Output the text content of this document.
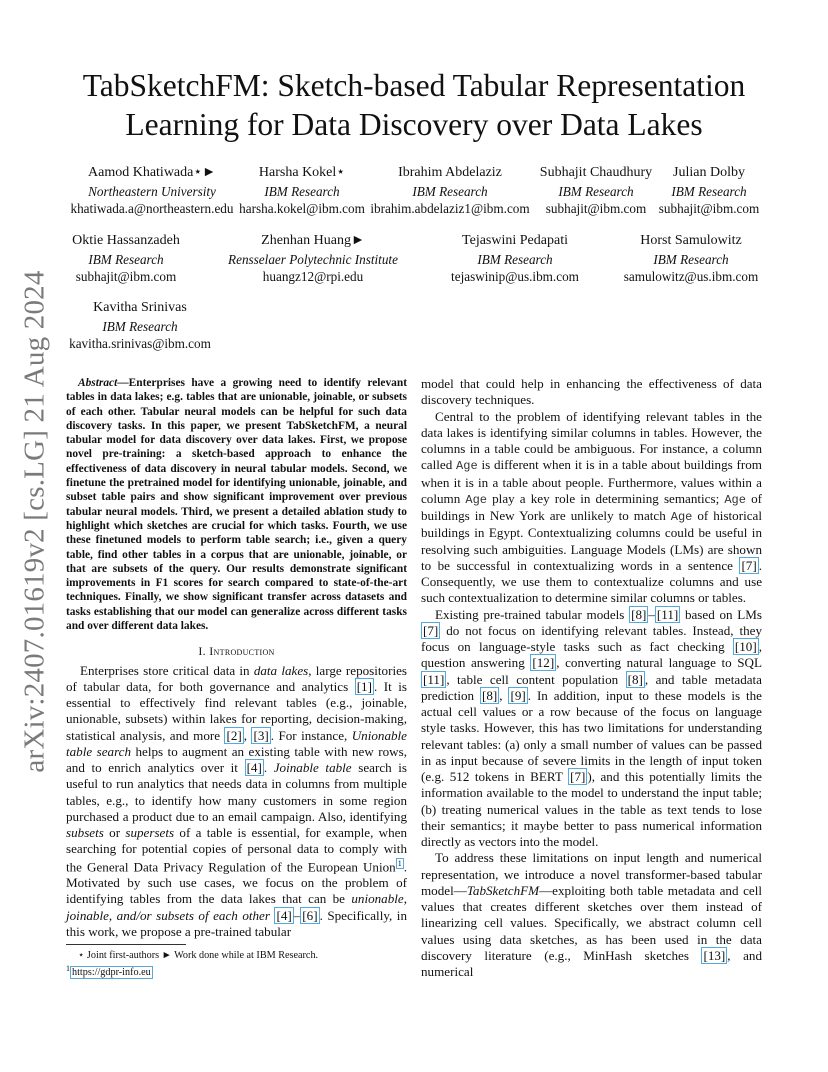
arXiv:2407.01619v2 [cs.LG] 21 Aug 2024
TabSketchFM: Sketch-based Tabular Representation
Learning for Data Discovery over Data Lakes
Aamod Khatiwada⋆►
Northeastern University
khatiwada.a@northeastern.edu
Harsha Kokel⋆
IBM Research
harsha.kokel@ibm.com
Ibrahim Abdelaziz
IBM Research
ibrahim.abdelaziz1@ibm.com
Subhajit Chaudhury
IBM Research
subhajit@ibm.com
Julian Dolby
IBM Research
subhajit@ibm.com
Oktie Hassanzadeh
IBM Research
subhajit@ibm.com
Zhenhan Huang►
Rensselaer Polytechnic Institute
huangz12@rpi.edu
Tejaswini Pedapati
IBM Research
tejaswinip@us.ibm.com
Horst Samulowitz
IBM Research
samulowitz@us.ibm.com
Kavitha Srinivas
IBM Research
kavitha.srinivas@ibm.com

Abstract—Enterprises have a growing need to identify relevant tables in data lakes; e.g. tables that are unionable, joinable, or subsets of each other. Tabular neural models can be helpful for such data discovery tasks. In this paper, we present TabSketchFM, a neural tabular model for data discovery over data lakes. First, we propose novel pre-training: a sketch-based approach to enhance the effectiveness of data discovery in neural tabular models. Second, we finetune the pretrained model for identifying unionable, joinable, and subset table pairs and show significant improvement over previous tabular neural models. Third, we present a detailed ablation study to highlight which sketches are crucial for which tasks. Fourth, we use these finetuned models to perform table search; i.e., given a query table, find other tables in a corpus that are unionable, joinable, or that are subsets of the query. Our results demonstrate significant improvements in F1 scores for search compared to state-of-the-art techniques. Finally, we show significant transfer across datasets and tasks establishing that our model can generalize across different tasks and over different data lakes.

I. Introduction

Enterprises store critical data in data lakes, large repositories of tabular data, for both governance and analytics [1] . It is essential to effectively find relevant tables (e.g., joinable, unionable, subsets) within lakes for reporting, decision-making, statistical analysis, and more [2] , [3] . For instance, Unionable table search helps to augment an existing table with new rows, and to enrich analytics over it [4] . Joinable table search is useful to run analytics that needs data in columns from multiple tables, e.g., to identify how many customers in some region purchased a product due to an email campaign. Also, identifying subsets or supersets of a table is essential, for example, when searching for potential copies of personal data to comply with the General Data Privacy Regulation of the European Union $^1$ . Motivated by such use cases, we focus on the problem of identifying tables from the data lakes that can be unionable, joinable, and/or subsets of each other [4] – [6] . Specifically, in this work, we propose a pre-trained tabular

⋆ Joint first-authors ► Work done while at IBM Research.
$^1$ https://gdpr-info.eu

model that could help in enhancing the effectiveness of data discovery techniques.

Central to the problem of identifying relevant tables in the data lakes is identifying similar columns in tables. However, the columns in a table could be ambiguous. For instance, a column called Age is different when it is in a table about buildings from when it is in a table about people. Furthermore, values within a column Age play a key role in determining semantics; Age of buildings in New York are unlikely to match Age of historical buildings in Egypt. Contextualizing columns could be useful in resolving such ambiguities. Language Models (LMs) are shown to be successful in contextualizing words in a sentence [7] . Consequently, we use them to contextualize columns and use such contextualization to determine similar columns or tables.

Existing pre-trained tabular models [8] – [11] based on LMs [7] do not focus on identifying relevant tables. Instead, they focus on language-style tasks such as fact checking [10] , question answering [12] , converting natural language to SQL [11] , table cell content population [8] , and table metadata prediction [8] , [9] . In addition, input to these models is the actual cell values or a row because of the focus on language style tasks. However, this has two limitations for understanding relevant tables: (a) only a small number of values can be passed in as input because of severe limits in the length of input token (e.g. 512 tokens in BERT [7] ), and this potentially limits the information available to the model to understand the input table; (b) treating numerical values in the table as text tends to lose their semantics; it maybe better to pass numerical information directly as vectors into the model.

To address these limitations on input length and numerical representation, we introduce a novel transformer-based tabular model—TabSketchFM—exploiting both table metadata and cell values that creates different sketches over them instead of linearizing cell values. Specifically, we abstract column cell values using data sketches, as has been used in the data discovery literature (e.g., MinHash sketches [13] , and numerical
